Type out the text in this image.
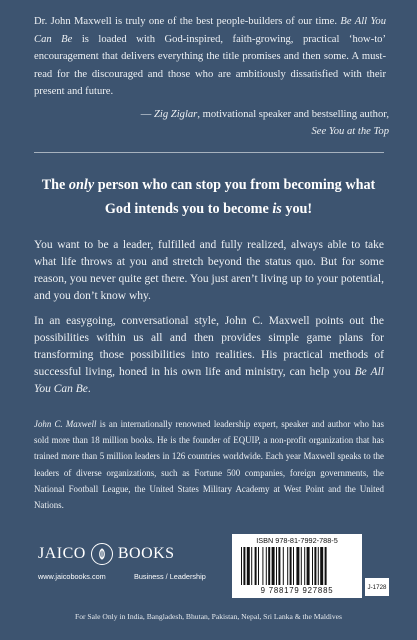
Dr. John Maxwell is truly one of the best people-builders of our time. Be All You Can Be is loaded with God-inspired, faith-growing, practical ‘how-to’ encouragement that delivers everything the title promises and then some. A must-read for the discouraged and those who are ambitiously dissatisfied with their present and future.

— Zig Ziglar, motivational speaker and bestselling author,
See You at the Top
The only person who can stop you from becoming what God intends you to become is you!
You want to be a leader, fulfilled and fully realized, always able to take what life throws at you and stretch beyond the status quo. But for some reason, you never quite get there. You just aren’t living up to your potential, and you don’t know why.
In an easygoing, conversational style, John C. Maxwell points out the possibilities within us all and then provides simple game plans for transforming those possibilities into realities. His practical methods of successful living, honed in his own life and ministry, can help you Be All You Can Be.
John C. Maxwell is an internationally renowned leadership expert, speaker and author who has sold more than 18 million books. He is the founder of EQUIP, a non-profit organization that has trained more than 5 million leaders in 126 countries worldwide. Each year Maxwell speaks to the leaders of diverse organizations, such as Fortune 500 companies, foreign governments, the National Football League, the United States Military Academy at West Point and the United Nations.
JAICO BOOKS
www.jaicobooks.com	Business / Leadership
ISBN 978-81-7992-788-5
9 788179 927885	J-1728
For Sale Only in India, Bangladesh, Bhutan, Pakistan, Nepal, Sri Lanka & the Maldives
